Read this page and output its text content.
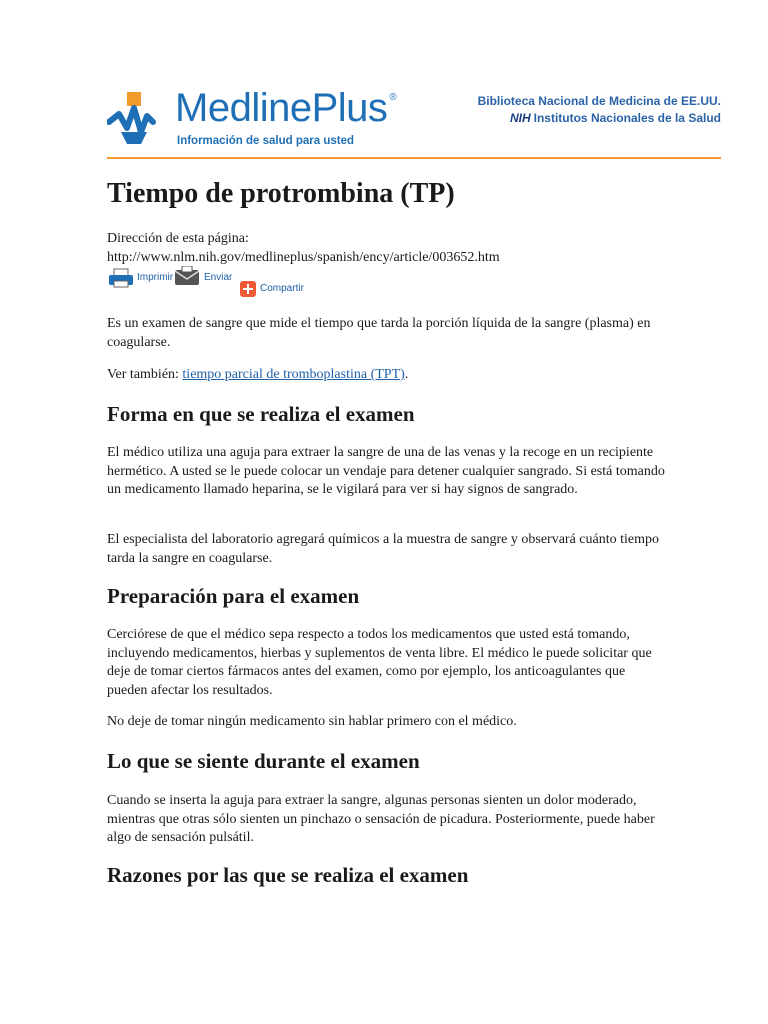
MedlinePlus ®
Información de salud para usted
Biblioteca Nacional de Medicina de EE.UU.
NIH Institutos Nacionales de la Salud
Tiempo de protrombina (TP)

Dirección de esta página:
http://www.nlm.nih.gov/medlineplus/spanish/ency/article/003652.htm

Imprimir	Enviar
Compartir

Es un examen de sangre que mide el tiempo que tarda la porción líquida de la sangre (plasma) en coagularse.

Ver también: tiempo parcial de tromboplastina (TPT).

Forma en que se realiza el examen

El médico utiliza una aguja para extraer la sangre de una de las venas y la recoge en un recipiente hermético. A usted se le puede colocar un vendaje para detener cualquier sangrado. Si está tomando un medicamento llamado heparina, se le vigilará para ver si hay signos de sangrado.

El especialista del laboratorio agregará químicos a la muestra de sangre y observará cuánto tiempo tarda la sangre en coagularse.

Preparación para el examen

Cerciórese de que el médico sepa respecto a todos los medicamentos que usted está tomando, incluyendo medicamentos, hierbas y suplementos de venta libre. El médico le puede solicitar que deje de tomar ciertos fármacos antes del examen, como por ejemplo, los anticoagulantes que pueden afectar los resultados.

No deje de tomar ningún medicamento sin hablar primero con el médico.

Lo que se siente durante el examen

Cuando se inserta la aguja para extraer la sangre, algunas personas sienten un dolor moderado, mientras que otras sólo sienten un pinchazo o sensación de picadura. Posteriormente, puede haber algo de sensación pulsátil.

Razones por las que se realiza el examen
